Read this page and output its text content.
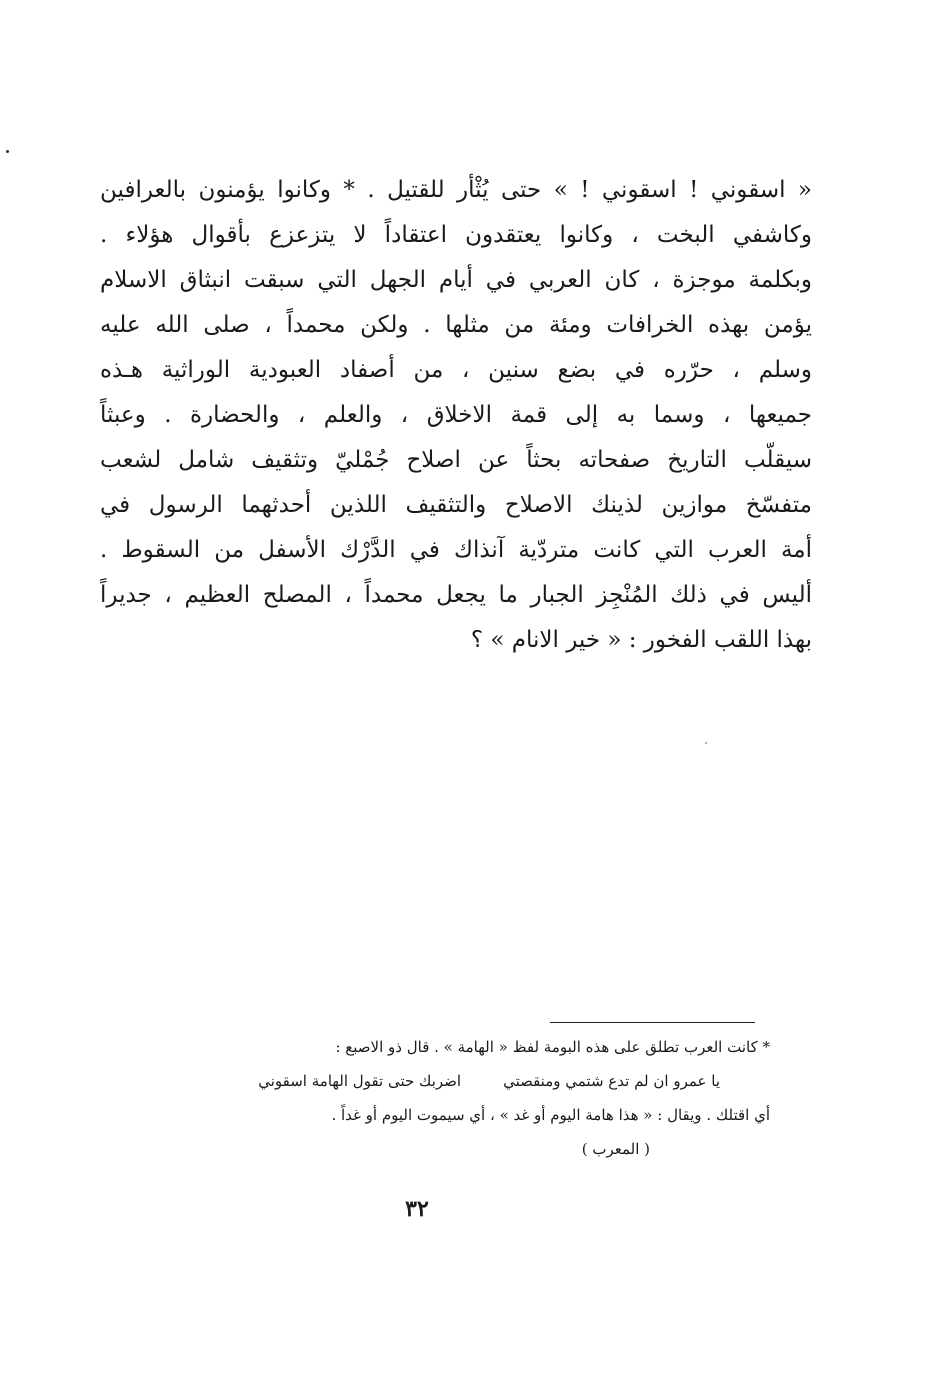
« اسقوني ! اسقوني ! » حتى يُثْأر للقتيل . * وكانوا يؤمنون بالعرافين
وكاشفي البخت ، وكانوا يعتقدون اعتقاداً لا يتزعزع بأقوال هؤلاء .
وبكلمة موجزة ، كان العربي في أيام الجهل التي سبقت انبثاق الاسلام
يؤمن بهذه الخرافات ومئة من مثلها . ولكن محمداً ، صلى الله عليه
وسلم ، حرّره في بضع سنين ، من أصفاد العبودية الوراثية هـذه
جميعها ، وسما به إلى قمة الاخلاق ، والعلم ، والحضارة . وعبثاً
سيقلّب التاريخ صفحاته بحثاً عن اصلاح جُمْليّ وتثقيف شامل لشعب
متفسّخ موازين لذينك الاصلاح والتثقيف اللذين أحدثهما الرسول في
أمة العرب التي كانت متردّية آنذاك في الدَّرْك الأسفل من السقوط .
أليس في ذلك المُنْجِز الجبار ما يجعل محمداً ، المصلح العظيم ، جديراً
بهذا اللقب الفخور : « خير الانام » ؟
* كانت العرب تطلق على هذه البومة لفظ « الهامة » . قال ذو الاصبع :
يا عمرو ان لم تدع شتمي ومنقصتي
اضربك حتى تقول الهامة اسقوني
أي اقتلك . ويقال : « هذا هامة اليوم أو غد » ، أي سيموت اليوم أو غداً .
( المعرب )
٣٢
